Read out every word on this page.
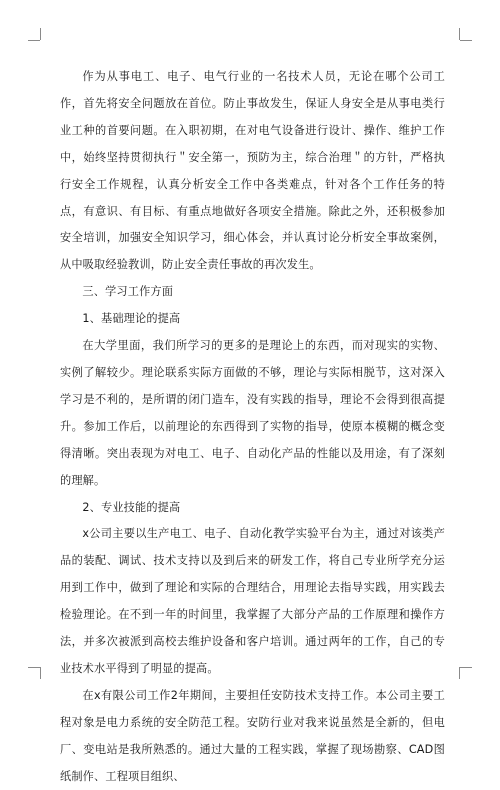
作为从事电工、电子、电气行业的一名技术人员，无论在哪个公司工作，首先将安全问题放在首位。防止事故发生，保证人身安全是从事电类行业工种的首要问题。在入职初期，在对电气设备进行设计、操作、维护工作中，始终坚持贯彻执行＂安全第一，预防为主，综合治理＂的方针，严格执行安全工作规程，认真分析安全工作中各类难点，针对各个工作任务的特点，有意识、有目标、有重点地做好各项安全措施。除此之外，还积极参加安全培训，加强安全知识学习，细心体会，并认真讨论分析安全事故案例，从中吸取经验教训，防止安全责任事故的再次发生。

三、学习工作方面

1、基础理论的提高

在大学里面，我们所学习的更多的是理论上的东西，而对现实的实物、实例了解较少。理论联系实际方面做的不够，理论与实际相脱节，这对深入学习是不利的，是所谓的闭门造车，没有实践的指导，理论不会得到很高提升。参加工作后，以前理论的东西得到了实物的指导，使原本模糊的概念变得清晰。突出表现为对电工、电子、自动化产品的性能以及用途，有了深刻的理解。

2、专业技能的提高

x公司主要以生产电工、电子、自动化教学实验平台为主，通过对该类产品的装配、调试、技术支持以及到后来的研发工作，将自己专业所学充分运用到工作中，做到了理论和实际的合理结合，用理论去指导实践，用实践去检验理论。在不到一年的时间里，我掌握了大部分产品的工作原理和操作方法，并多次被派到高校去维护设备和客户培训。通过两年的工作，自己的专业技术水平得到了明显的提高。

在x有限公司工作2年期间，主要担任安防技术支持工作。本公司主要工程对象是电力系统的安全防范工程。安防行业对我来说虽然是全新的，但电厂、变电站是我所熟悉的。通过大量的工程实践，掌握了现场勘察、CAD图纸制作、工程项目组织、
